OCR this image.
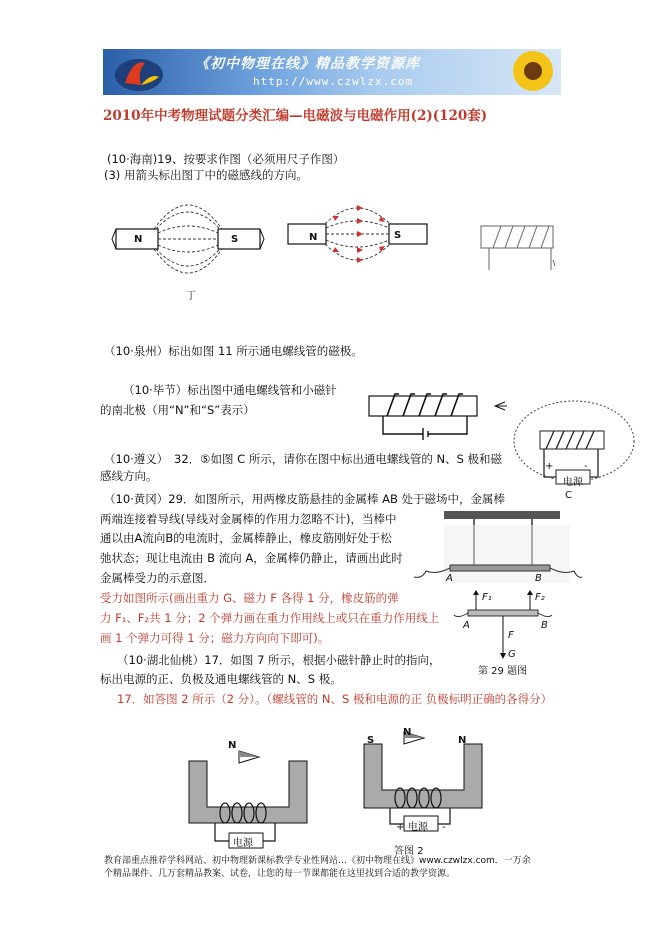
《初中物理在线》精品教学资源库
http://www.czwlzx.com
2010年中考物理试题分类汇编—电磁波与电磁作用(2)(120套)
(10·海南)19、按要求作图（必须用尺子作图）
(3) 用箭头标出图丁中的磁感线的方向。
N	S
丁
N	S
（10·泉州）标出如图 11 所示通电螺线管的磁极。
（10·毕节）标出图中通电螺线管和小磁针
的南北极（用“N”和“S”表示）
（10·遵义）　32．⑤如图 C 所示，请你在图中标出通电螺线管的 N、S 极和磁
感线方向。	电源
+	-
C
（10·黄冈）29．如图所示，用两橡皮筋悬挂的金属棒 AB 处于磁场中，金属棒
两端连接着导线(导线对金属棒的作用力忽略不计)，当棒中
通以由A流向B的电流时，金属棒静止，橡皮筋刚好处于松
弛状态；现让电流由 B 流向 A，金属棒仍静止，请画出此时
金属棒受力的示意图．
受力如图所示(画出重力 G、磁力 F 各得 1 分，橡皮筋的弹
力 F₁、F₂共 1 分；2 个弹力画在重力作用线上或只在重力作用线上
画 1 个弹力可得 1 分；磁力方向向下即可)。
A	B
F₁	F₂
A	B
F
G
第 29 题图
（10·湖北仙桃）17．如图 7 所示，根据小磁针静止时的指向，
标出电源的正、负极及通电螺线管的 N、S 极。
17．如答图 2 所示（2 分）。（螺线管的 N、S 极和电源的正 负极标明正确的各得分）
N
电源
S
N
N
电源
+	-
答图 2
教育部重点推荐学科网站、初中物理新课标教学专业性网站…《初中物理在线》www.czwlzx.com．一万余
个精品课件、几万套精品教案、试卷，让您的每一节课都能在这里找到合适的教学资源。
